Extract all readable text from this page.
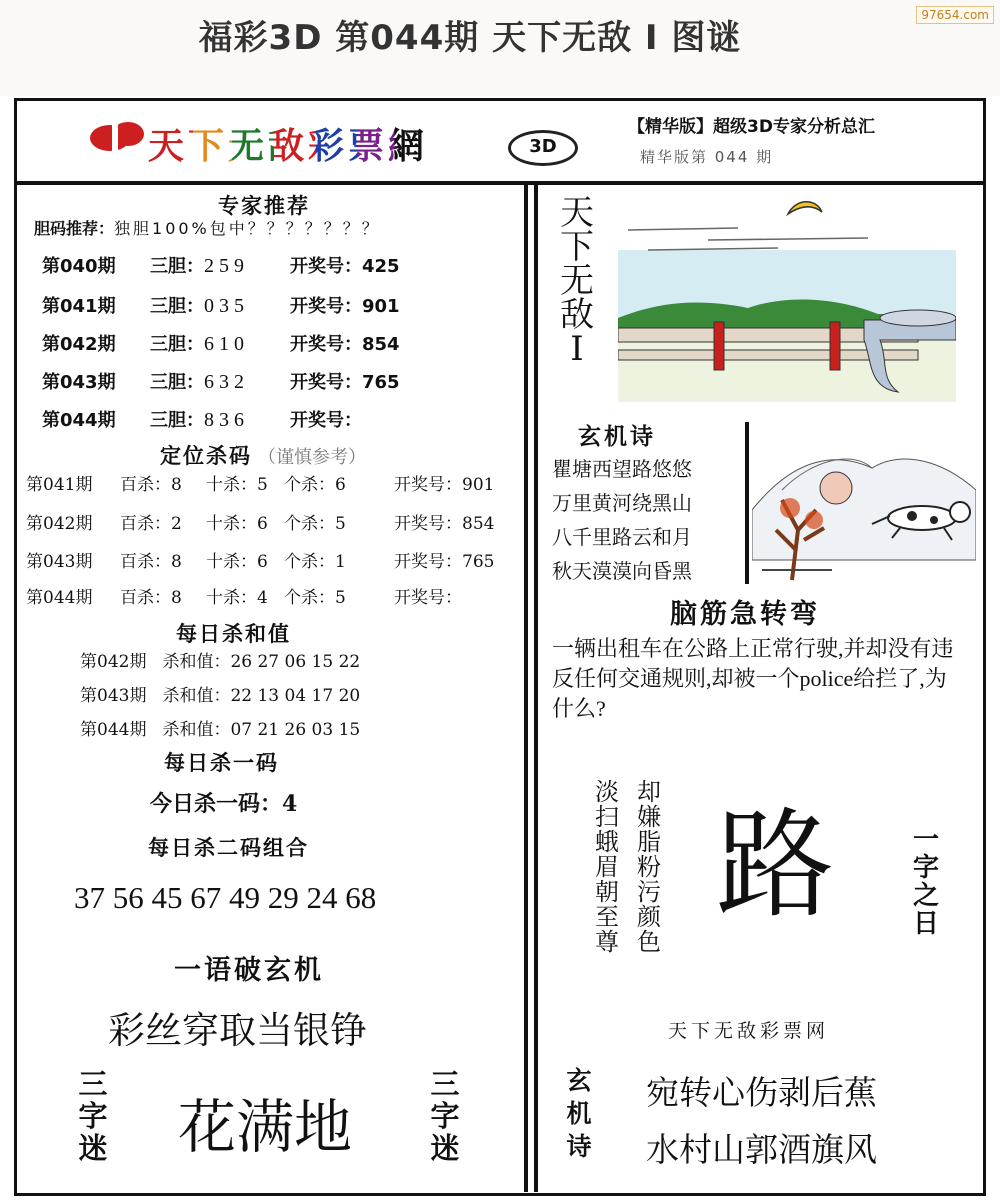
97654.com
福彩3D 第044期 天下无敌 I 图谜
天下无敌彩票網	3D
【精华版】超级3D专家分析总汇
精华版第 044 期
专家推荐
胆码推荐：独胆100%包中？？？？？？？
第040期 三胆：2 5 9	开奖号：425
第041期 三胆：0 3 5	开奖号：901
第042期 三胆：6 1 0	开奖号：854
第043期 三胆：6 3 2	开奖号：765
第044期 三胆：8 3 6	开奖号：
定位杀码 （谨慎参考）
第041期 百杀：8 十杀：5 个杀：6	开奖号：901
第042期 百杀：2 十杀：6 个杀：5	开奖号：854
第043期 百杀：8 十杀：6 个杀：1	开奖号：765
第044期 百杀：8 十杀：4 个杀：5	开奖号：
每日杀和值
第042期 杀和值：26 27 06 15 22
第043期 杀和值：22 13 04 17 20
第044期 杀和值：07 21 26 03 15
每日杀一码
今日杀一码：4
每日杀二码组合
37 56 45 67 49 29 24 68
一语破玄机
彩丝穿取当银铮
三
字
迷 花满地
三
字
迷
天
下
无
敌
I
玄机诗
瞿塘西望路悠悠
万里黄河绕黑山
八千里路云和月
秋天漠漠向昏黑
脑筋急转弯
一辆出租车在公路上正常行驶,并却没有违反任何交通规则,却被一个police给拦了,为什么?
淡
扫
蛾
眉
朝
至
尊
却
嫌
脂
粉
污
颜
色
路	一
字
之
日
天下无敌彩票网
玄
机
诗
宛转心伤剥后蕉
水村山郭酒旗风
